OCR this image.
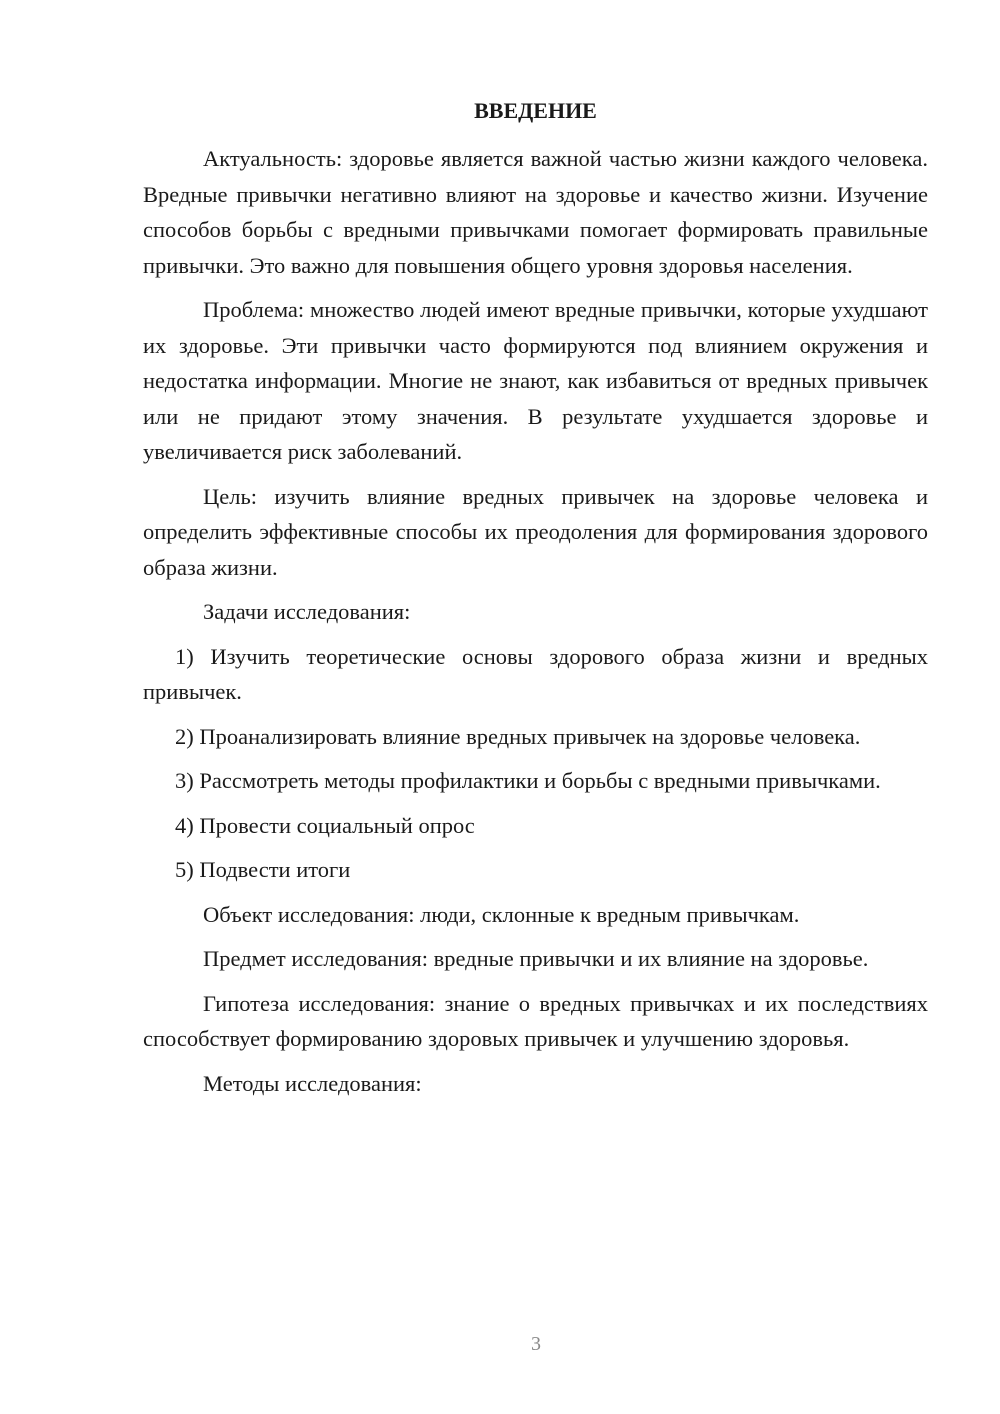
ВВЕДЕНИЕ

Актуальность: здоровье является важной частью жизни каждого человека. Вредные привычки негативно влияют на здоровье и качество жизни. Изучение способов борьбы с вредными привычками помогает формировать правильные привычки. Это важно для повышения общего уровня здоровья населения.

Проблема: множество людей имеют вредные привычки, которые ухудшают их здоровье. Эти привычки часто формируются под влиянием окружения и недостатка информации. Многие не знают, как избавиться от вредных привычек или не придают этому значения. В результате ухудшается здоровье и увеличивается риск заболеваний.

Цель: изучить влияние вредных привычек на здоровье человека и определить эффективные способы их преодоления для формирования здорового образа жизни.

Задачи исследования:

1) Изучить теоретические основы здорового образа жизни и вредных привычек.

2) Проанализировать влияние вредных привычек на здоровье человека.

3) Рассмотреть методы профилактики и борьбы с вредными привычками.

4) Провести социальный опрос

5) Подвести итоги

Объект исследования: люди, склонные к вредным привычкам.

Предмет исследования: вредные привычки и их влияние на здоровье.

Гипотеза исследования: знание о вредных привычках и их последствиях способствует формированию здоровых привычек и улучшению здоровья.

Методы исследования:

3
